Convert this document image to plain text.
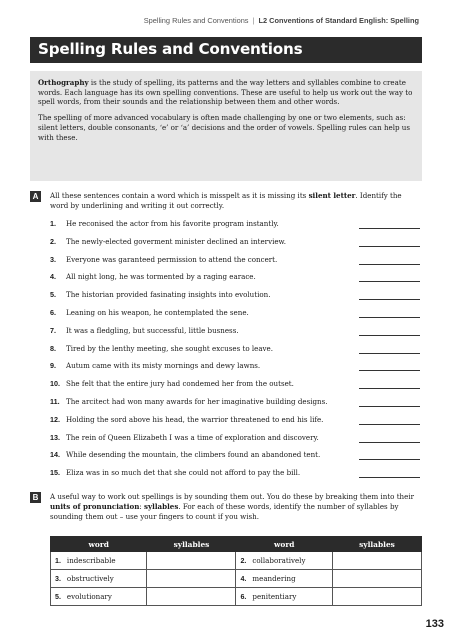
Spelling Rules and Conventions | L2 Conventions of Standard English: Spelling
Spelling Rules and Conventions

Orthography is the study of spelling, its patterns and the way letters and syllables combine to create words. Each language has its own spelling conventions. These are useful to help us work out the way to spell words, from their sounds and the relationship between them and other words.

The spelling of more advanced vocabulary is often made challenging by one or two elements, such as: silent letters, double consonants, ‘e’ or ‘a’ decisions and the order of vowels. Spelling rules can help us with these.

A	All these sentences contain a word which is misspelt as it is missing its silent letter. Identify the word by underlining and writing it out correctly.
1. He reconised the actor from his favorite program instantly.
2. The newly-elected goverment minister declined an interview.
3. Everyone was garanteed permission to attend the concert.
4. All night long, he was tormented by a raging earace.
5. The historian provided fasinating insights into evolution.
6. Leaning on his weapon, he contemplated the sene.
7. It was a fledgling, but successful, little busness.
8. Tired by the lenthy meeting, she sought excuses to leave.
9. Autum came with its misty mornings and dewy lawns.
10. She felt that the entire jury had condemed her from the outset.
11. The arcitect had won many awards for her imaginative building designs.
12. Holding the sord above his head, the warrior threatened to end his life.
13. The rein of Queen Elizabeth I was a time of exploration and discovery.
14. While desending the mountain, the climbers found an abandoned tent.
15. Eliza was in so much det that she could not afford to pay the bill.
B	A useful way to work out spellings is by sounding them out. You do these by breaking them into their units of pronunciation: syllables. For each of these words, identify the number of syllables by sounding them out – use your fingers to count if you wish.
word	syllables	word	syllables
1. indescribable		2. collaboratively	
3. obstructively		4. meandering	
5. evolutionary		6. penitentiary	
133
